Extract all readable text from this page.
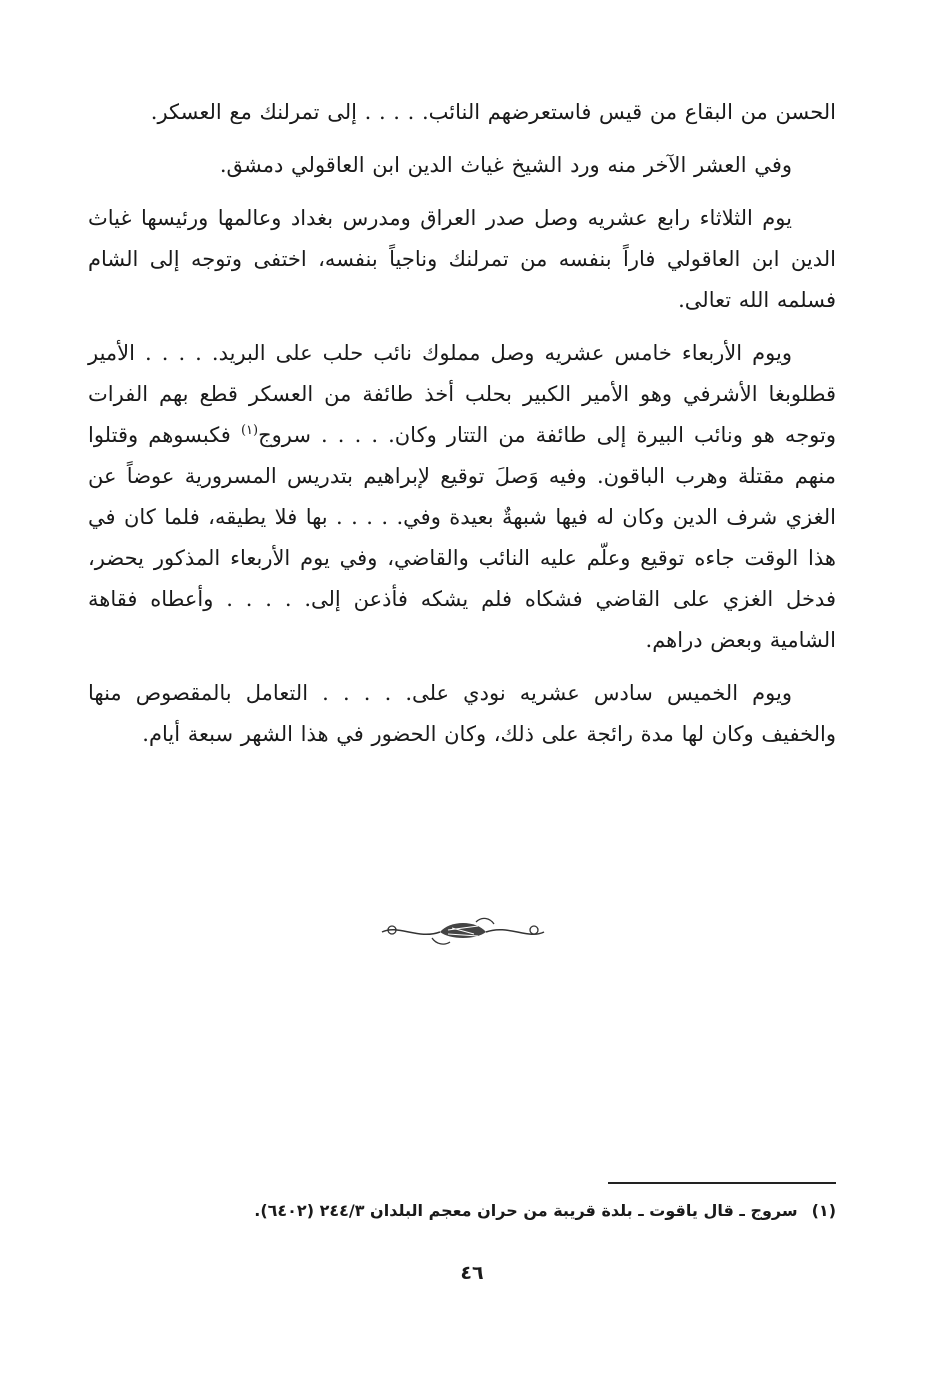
الحسن من البقاع من قيس فاستعرضهم النائب. . . . . إلى تمرلنك مع العسكر.

وفي العشر الآخر منه ورد الشيخ غياث الدين ابن العاقولي دمشق.

يوم الثلاثاء رابع عشريه وصل صدر العراق ومدرس بغداد وعالمها ورئيسها غياث الدين ابن العاقولي فاراً بنفسه من تمرلنك وناجياً بنفسه، اختفى وتوجه إلى الشام فسلمه الله تعالى.

ويوم الأربعاء خامس عشريه وصل مملوك نائب حلب على البريد. . . . . الأمير قطلوبغا الأشرفي وهو الأمير الكبير بحلب أخذ طائفة من العسكر قطع بهم الفرات وتوجه هو ونائب البيرة إلى طائفة من التتار وكان. . . . . سروج$^{(١)}$ فكبسوهم وقتلوا منهم مقتلة وهرب الباقون. وفيه وَصلَ توقيع لإبراهيم بتدريس المسرورية عوضاً عن الغزي شرف الدين وكان له فيها شبهةٌ بعيدة وفي. . . . . بها فلا يطيقه، فلما كان في هذا الوقت جاءه توقيع وعلّم عليه النائب والقاضي، وفي يوم الأربعاء المذكور يحضر، فدخل الغزي على القاضي فشكاه فلم يشكه فأذعن إلى. . . . . وأعطاه فقاهة الشامية وبعض دراهم.

ويوم الخميس سادس عشريه نودي على. . . . . التعامل بالمقصوص منها والخفيف وكان لها مدة رائجة على ذلك، وكان الحضور في هذا الشهر سبعة أيام.

(١)سروج ـ قال ياقوت ـ بلدة قريبة من حران معجم البلدان ٢٤٤/٣ (٦٤٠٢).
٤٦
